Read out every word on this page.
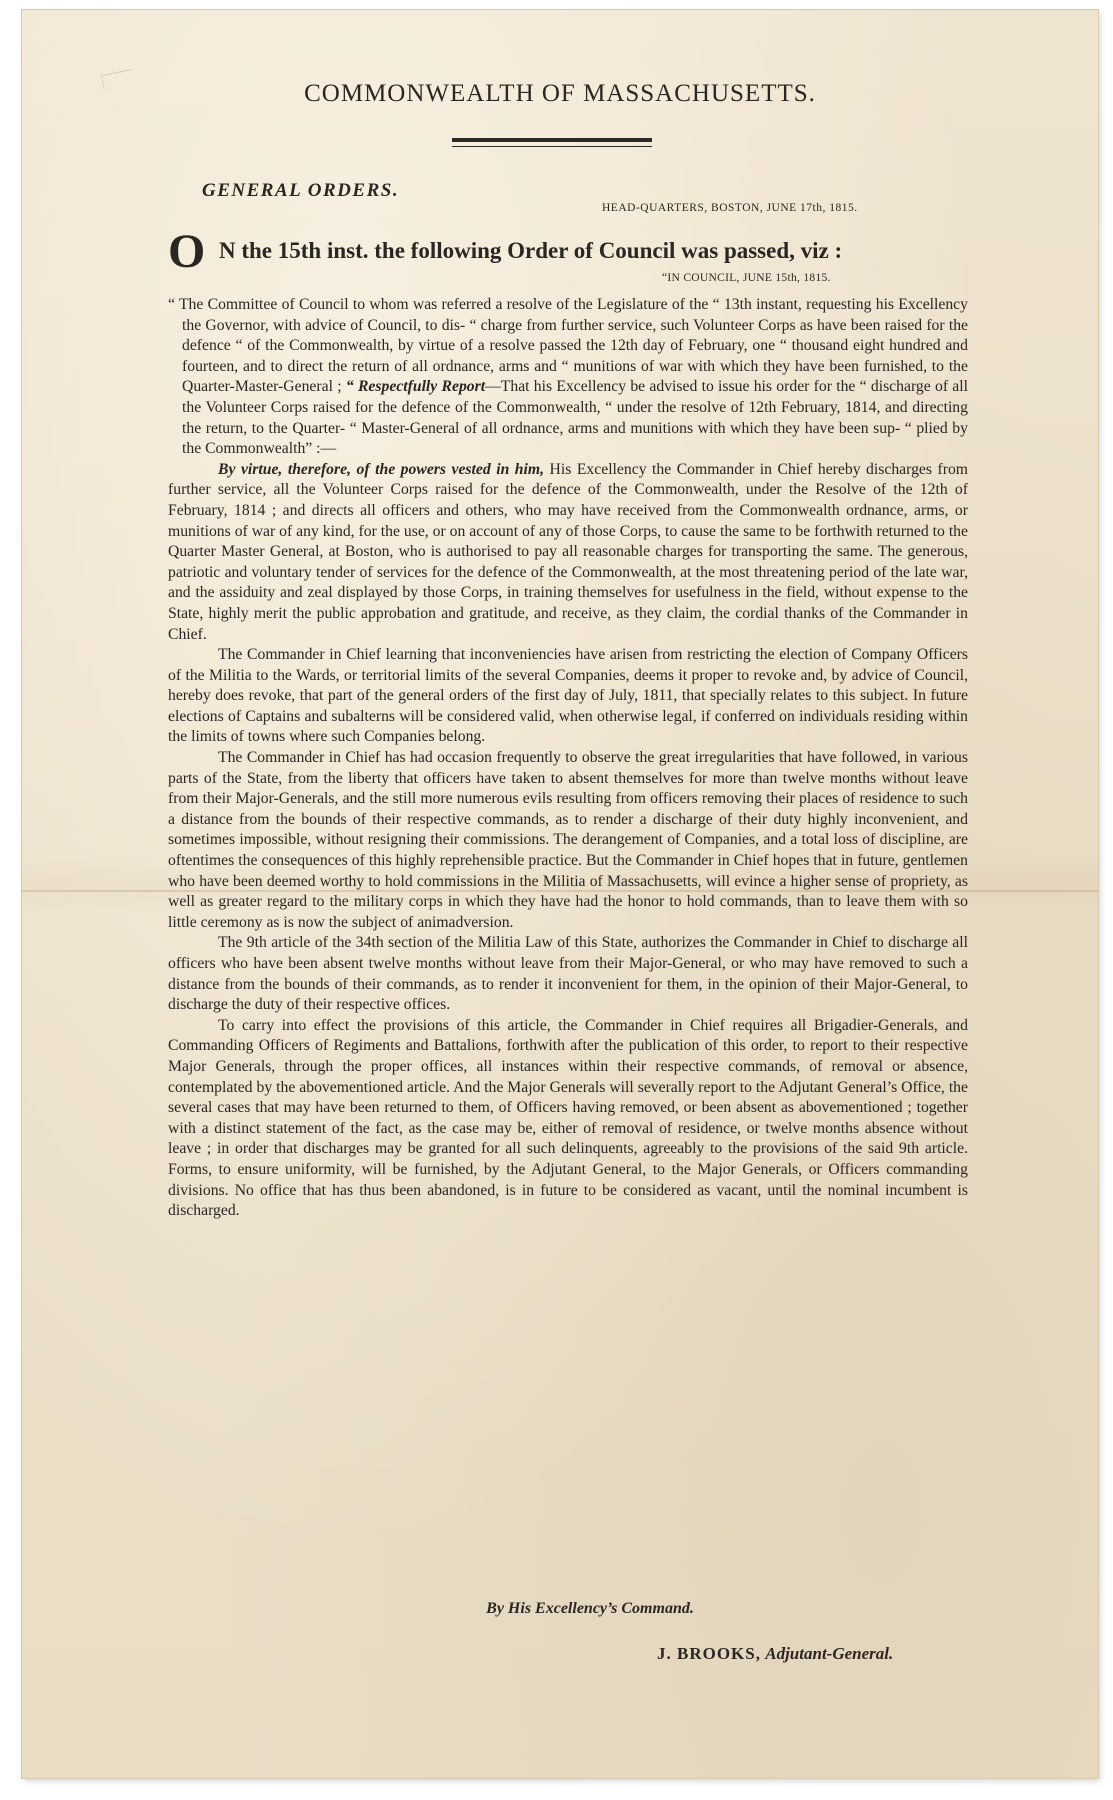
COMMONWEALTH OF MASSACHUSETTS.
GENERAL ORDERS.
HEAD-QUARTERS, BOSTON, JUNE 17th, 1815.
O N the 15th inst. the following Order of Council was passed, viz :
“IN COUNCIL, JUNE 15th, 1815.

“ The Committee of Council to whom was referred a resolve of the Legislature of the “ 13th instant, requesting his Excellency the Governor, with advice of Council, to dis- “ charge from further service, such Volunteer Corps as have been raised for the defence “ of the Commonwealth, by virtue of a resolve passed the 12th day of February, one “ thousand eight hundred and fourteen, and to direct the return of all ordnance, arms and “ munitions of war with which they have been furnished, to the Quarter-Master-General ; “ Respectfully Report—That his Excellency be advised to issue his order for the “ discharge of all the Volunteer Corps raised for the defence of the Commonwealth, “ under the resolve of 12th February, 1814, and directing the return, to the Quarter- “ Master-General of all ordnance, arms and munitions with which they have been sup- “ plied by the Commonwealth” :—

By virtue, therefore, of the powers vested in him, His Excellency the Commander in Chief hereby discharges from further service, all the Volunteer Corps raised for the defence of the Commonwealth, under the Resolve of the 12th of February, 1814 ; and directs all officers and others, who may have received from the Commonwealth ordnance, arms, or munitions of war of any kind, for the use, or on account of any of those Corps, to cause the same to be forthwith returned to the Quarter Master General, at Boston, who is authorised to pay all reasonable charges for transporting the same. The generous, patriotic and voluntary tender of services for the defence of the Commonwealth, at the most threatening period of the late war, and the assiduity and zeal displayed by those Corps, in training themselves for usefulness in the field, without expense to the State, highly merit the public approbation and gratitude, and receive, as they claim, the cordial thanks of the Commander in Chief.

The Commander in Chief learning that inconveniencies have arisen from restricting the election of Company Officers of the Militia to the Wards, or territorial limits of the several Companies, deems it proper to revoke and, by advice of Council, hereby does revoke, that part of the general orders of the first day of July, 1811, that specially relates to this subject. In future elections of Captains and subalterns will be considered valid, when otherwise legal, if conferred on individuals residing within the limits of towns where such Companies belong.

The Commander in Chief has had occasion frequently to observe the great irregularities that have followed, in various parts of the State, from the liberty that officers have taken to absent themselves for more than twelve months without leave from their Major-Generals, and the still more numerous evils resulting from officers removing their places of residence to such a distance from the bounds of their respective commands, as to render a discharge of their duty highly inconvenient, and sometimes impossible, without resigning their commissions. The derangement of Companies, and a total loss of discipline, are oftentimes the consequences of this highly reprehensible practice. But the Commander in Chief hopes that in future, gentlemen who have been deemed worthy to hold commissions in the Militia of Massachusetts, will evince a higher sense of propriety, as well as greater regard to the military corps in which they have had the honor to hold commands, than to leave them with so little ceremony as is now the subject of animadversion.

The 9th article of the 34th section of the Militia Law of this State, authorizes the Commander in Chief to discharge all officers who have been absent twelve months without leave from their Major-General, or who may have removed to such a distance from the bounds of their commands, as to render it inconvenient for them, in the opinion of their Major-General, to discharge the duty of their respective offices.

To carry into effect the provisions of this article, the Commander in Chief requires all Brigadier-Generals, and Commanding Officers of Regiments and Battalions, forthwith after the publication of this order, to report to their respective Major Generals, through the proper offices, all instances within their respective commands, of removal or absence, contemplated by the abovementioned article. And the Major Generals will severally report to the Adjutant General’s Office, the several cases that may have been returned to them, of Officers having removed, or been absent as abovementioned ; together with a distinct statement of the fact, as the case may be, either of removal of residence, or twelve months absence without leave ; in order that discharges may be granted for all such delinquents, agreeably to the provisions of the said 9th article. Forms, to ensure uniformity, will be furnished, by the Adjutant General, to the Major Generals, or Officers commanding divisions. No office that has thus been abandoned, is in future to be considered as vacant, until the nominal incumbent is discharged.

By His Excellency’s Command.
J. BROOKS, Adjutant-General.
